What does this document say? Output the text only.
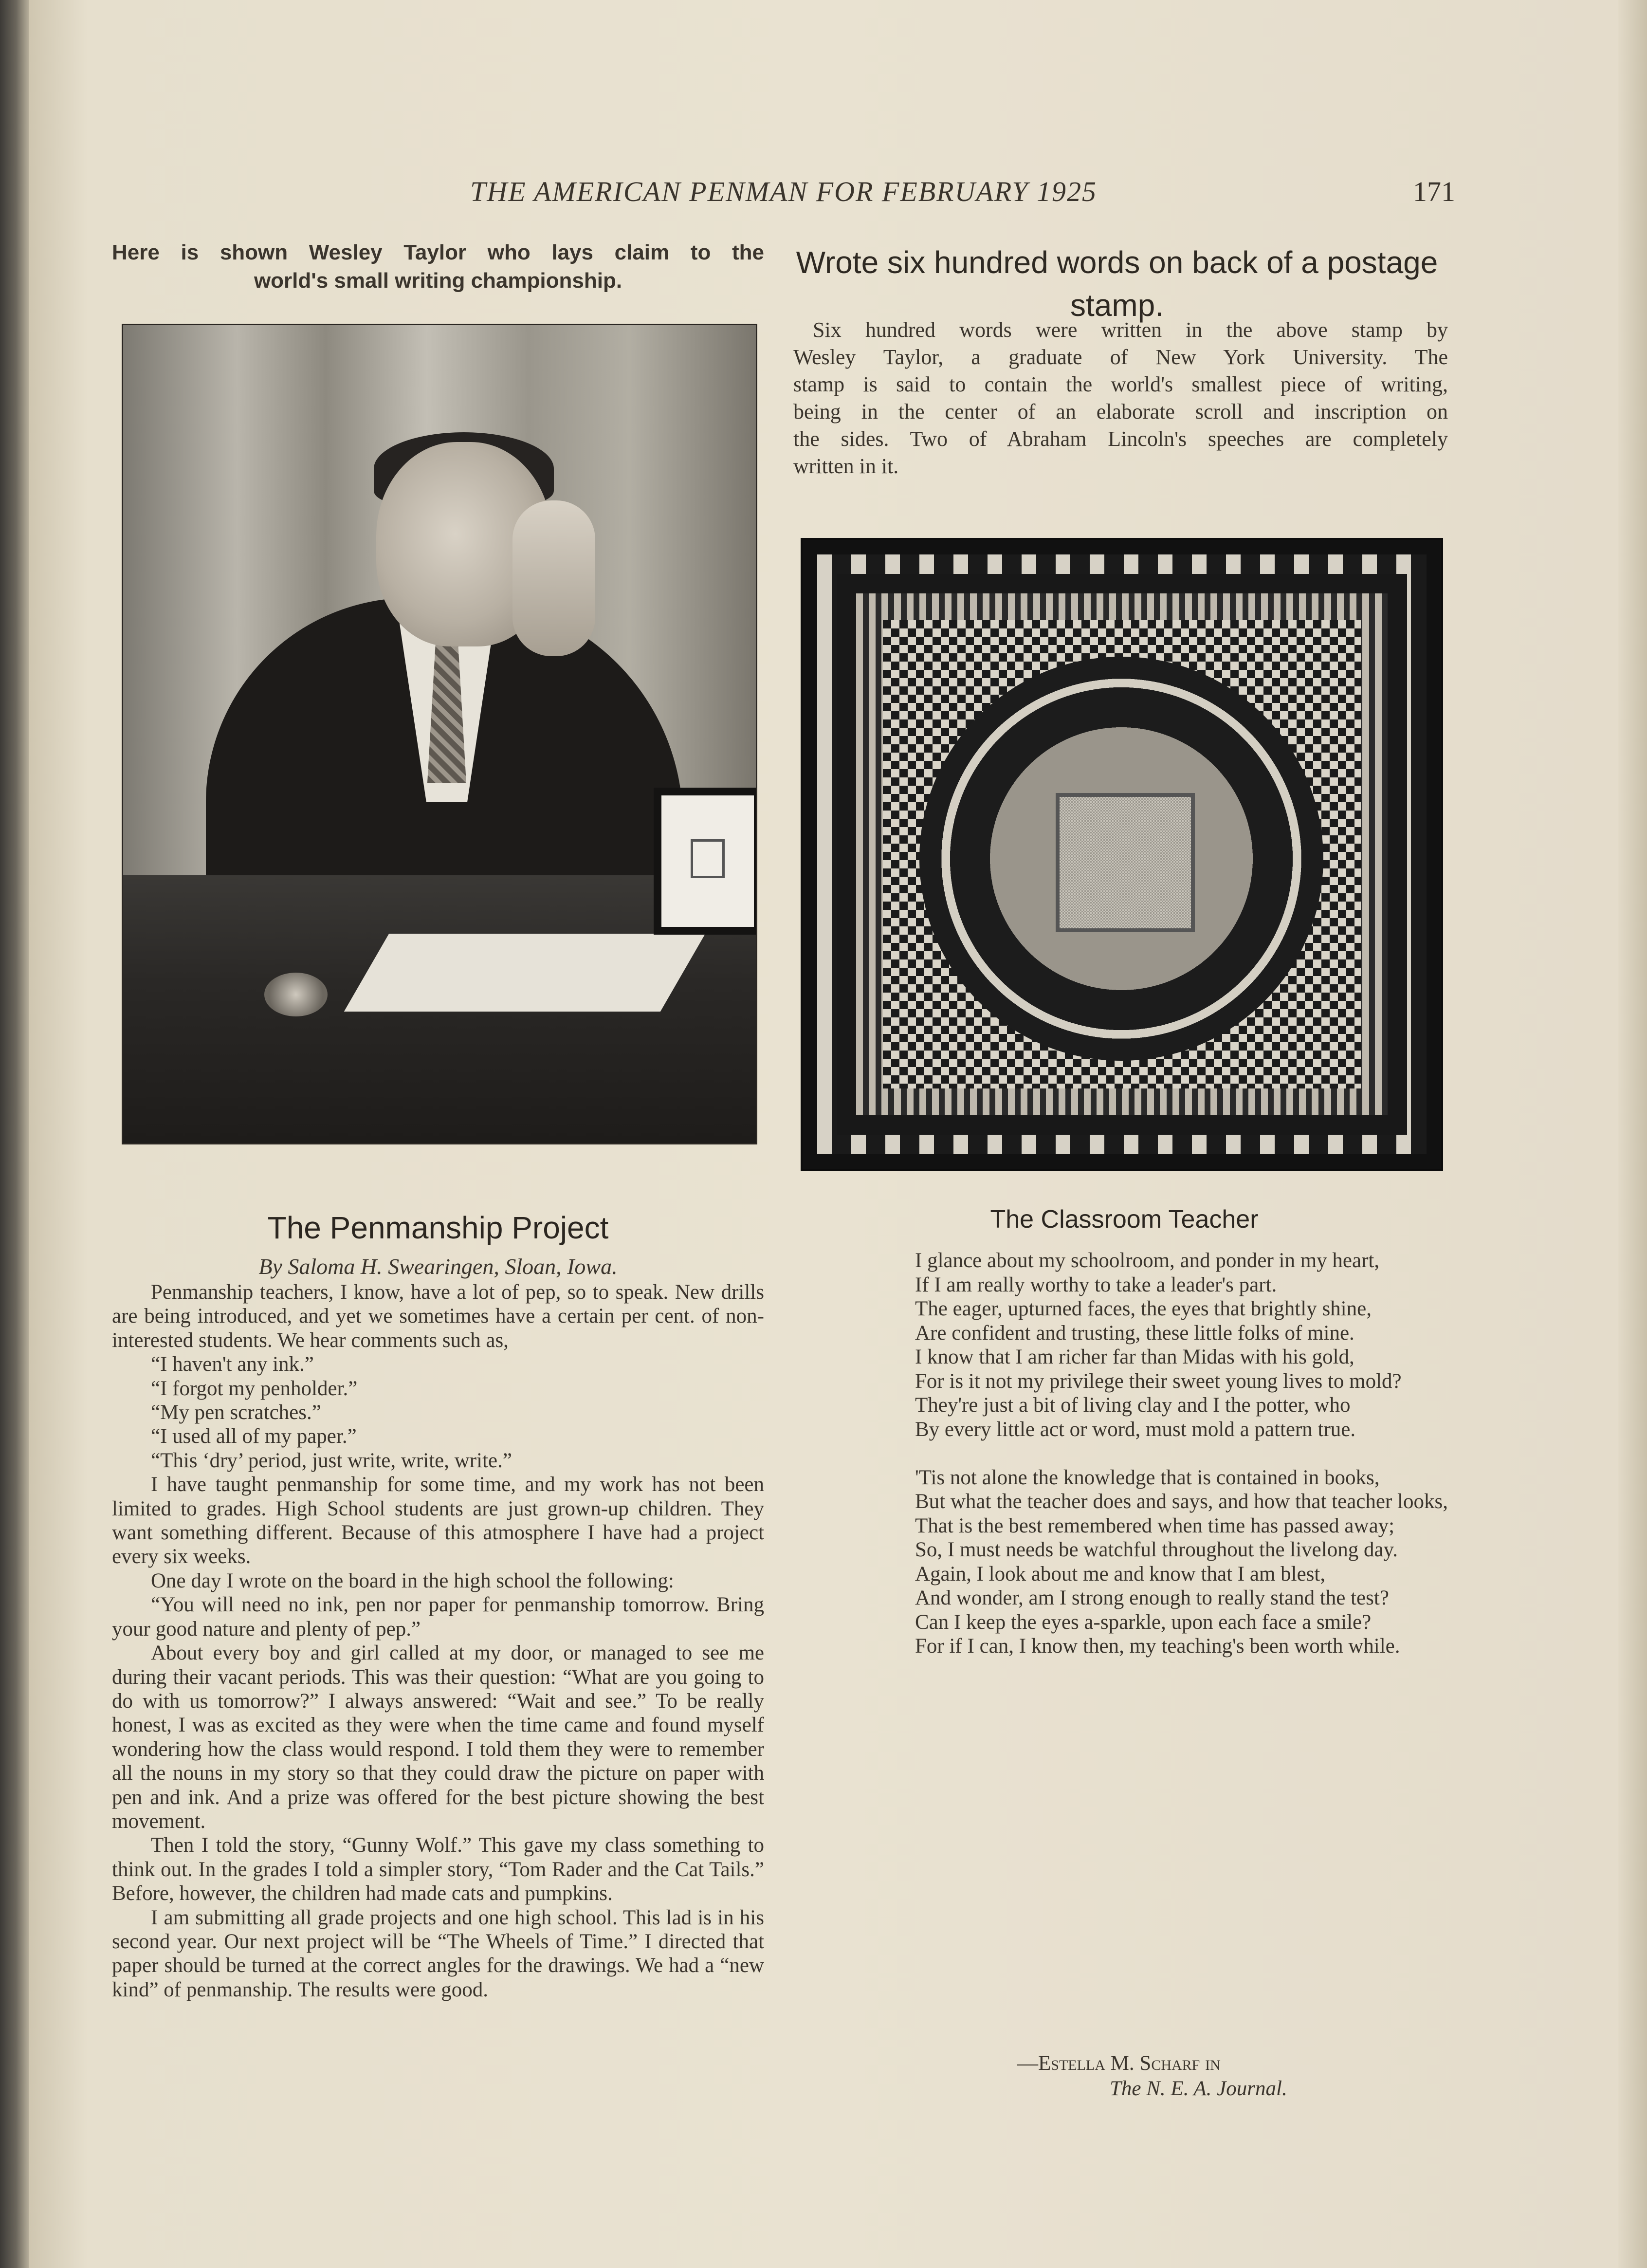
THE AMERICAN PENMAN FOR FEBRUARY 1925	171
Here is shown Wesley Taylor who lays claim to the
world's small writing championship.
Wrote six hundred words on back of a postage stamp.
Six hundred words were written in the above stamp by
Wesley Taylor, a graduate of New York University. The
stamp is said to contain the world's smallest piece of writing,
being in the center of an elaborate scroll and inscription on
the sides. Two of Abraham Lincoln's speeches are completely
written in it.
The Penmanship Project
By Saloma H. Swearingen, Sloan, Iowa.

Penmanship teachers, I know, have a lot of pep, so to speak. New drills are being introduced, and yet we sometimes have a certain per cent. of non-interested students. We hear comments such as,

“I haven't any ink.”

“I forgot my penholder.”

“My pen scratches.”

“I used all of my paper.”

“This ‘dry’ period, just write, write, write.”

I have taught penmanship for some time, and my work has not been limited to grades. High School students are just grown-up children. They want something different. Because of this atmosphere I have had a project every six weeks.

One day I wrote on the board in the high school the following:

“You will need no ink, pen nor paper for penmanship tomorrow. Bring your good nature and plenty of pep.”

About every boy and girl called at my door, or managed to see me during their vacant periods. This was their question: “What are you going to do with us tomorrow?” I always answered: “Wait and see.” To be really honest, I was as excited as they were when the time came and found myself wondering how the class would respond. I told them they were to remember all the nouns in my story so that they could draw the picture on paper with pen and ink. And a prize was offered for the best picture showing the best movement.

Then I told the story, “Gunny Wolf.” This gave my class something to think out. In the grades I told a simpler story, “Tom Rader and the Cat Tails.” Before, however, the children had made cats and pumpkins.

I am submitting all grade projects and one high school. This lad is in his second year. Our next project will be “The Wheels of Time.” I directed that paper should be turned at the correct angles for the drawings. We had a “new kind” of penmanship. The results were good.

The Classroom Teacher
I glance about my schoolroom, and ponder in my heart,
If I am really worthy to take a leader's part.
The eager, upturned faces, the eyes that brightly shine,
Are confident and trusting, these little folks of mine.
I know that I am richer far than Midas with his gold,
For is it not my privilege their sweet young lives to mold?
They're just a bit of living clay and I the potter, who
By every little act or word, must mold a pattern true.
'Tis not alone the knowledge that is contained in books,
But what the teacher does and says, and how that teacher looks,
That is the best remembered when time has passed away;
So, I must needs be watchful throughout the livelong day.
Again, I look about me and know that I am blest,
And wonder, am I strong enough to really stand the test?
Can I keep the eyes a-sparkle, upon each face a smile?
For if I can, I know then, my teaching's been worth while.
—Estella M. Scharf in
The N. E. A. Journal.
